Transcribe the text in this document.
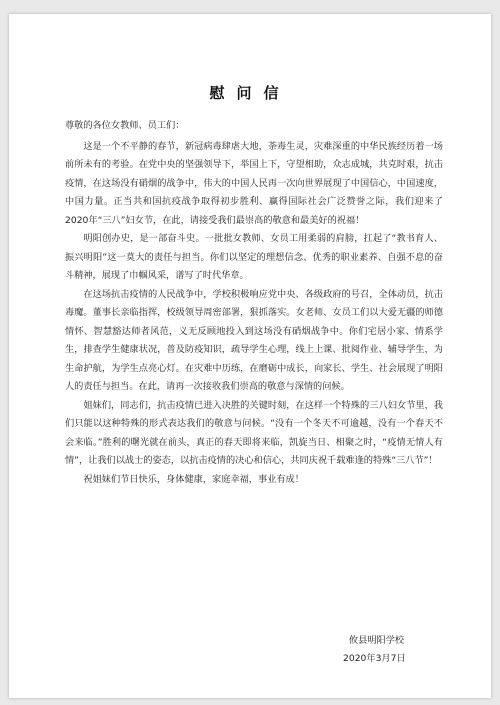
慰问信

尊敬的各位女教师、员工们：

这是一个不平静的春节，新冠病毒肆虐大地，荼毒生灵，灾难深重的中华民族经历着一场前所未有的考验。在党中央的坚强领导下，举国上下，守望相助，众志成城，共克时艰，抗击疫情，在这场没有硝烟的战争中，伟大的中国人民再一次向世界展现了中国信心，中国速度，中国力量。正当共和国抗疫战争取得初步胜利、赢得国际社会广泛赞誉之际，我们迎来了2020年“三八”妇女节，在此，请接受我们最崇高的敬意和最美好的祝福！

明阳创办史，是一部奋斗史。一批批女教师、女员工用柔弱的肩膀，扛起了“教书育人、振兴明阳”这一莫大的责任与担当。你们以坚定的理想信念、优秀的职业素养、自强不息的奋斗精神，展现了巾帼风采，谱写了时代华章。

在这场抗击疫情的人民战争中，学校积极响应党中央、各级政府的号召，全体动员，抗击毒魔。董事长亲临指挥，校级领导周密部署，狠抓落实。女老师、女员工们以大爱无疆的师德情怀、智慧豁达师者风范，义无反顾地投入到这场没有硝烟战争中。你们宅居小家、情系学生，排查学生健康状况，普及防疫知识，疏导学生心理，线上上课、批阅作业、辅导学生，为生命护航，为学生点亮心灯。在灾难中历练，在磨砺中成长，向家长、学生、社会展现了明阳人的责任与担当。在此，请再一次接收我们崇高的敬意与深情的问候。

姐妹们，同志们，抗击疫情已进入决胜的关键时刻，在这样一个特殊的三八妇女节里，我们只能以这种特殊的形式表达我们的敬意与问候。“没有一个冬天不可逾越，没有一个春天不会来临。”胜利的曙光就在前头，真正的春天即将来临，凯旋当日、相聚之时，“疫情无情人有情”，让我们以战士的姿态，以抗击疫情的决心和信心，共同庆祝千载难逢的特殊“三八节”！

祝姐妹们节日快乐，身体健康，家庭幸福，事业有成！

攸县明阳学校
2020年3月7日
